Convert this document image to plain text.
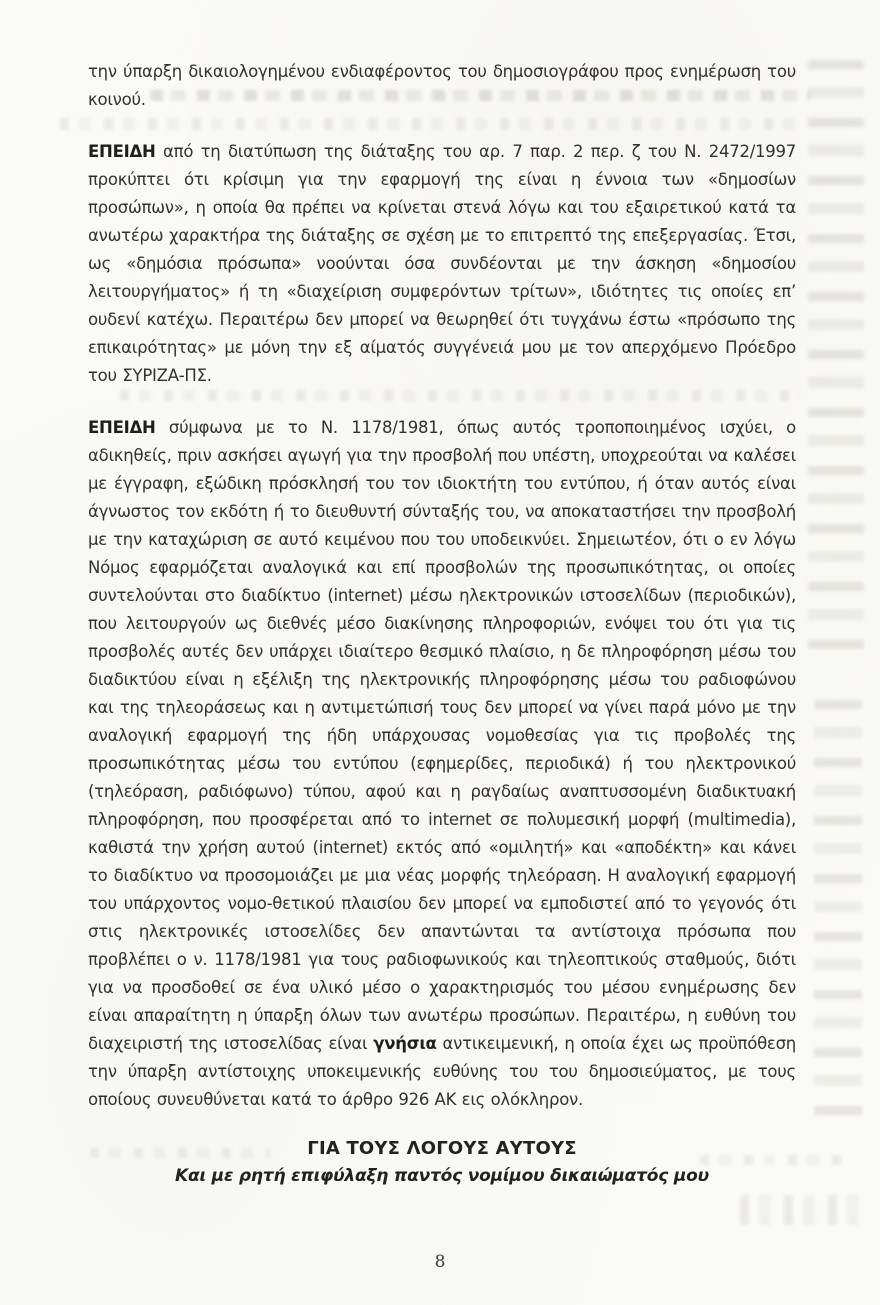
την ύπαρξη δικαιολογημένου ενδιαφέροντος του δημοσιογράφου προς ενημέρωση του κοινού.

ΕΠΕΙΔΗ από τη διατύπωση της διάταξης του αρ. 7 παρ. 2 περ. ζ του Ν. 2472/1997 προκύπτει ότι κρίσιμη για την εφαρμογή της είναι η έννοια των «δημοσίων προσώπων», η οποία θα πρέπει να κρίνεται στενά λόγω και του εξαιρετικού κατά τα ανωτέρω χαρακτήρα της διάταξης σε σχέση με το επιτρεπτό της επεξεργασίας. Έτσι, ως «δημόσια πρόσωπα» νοούνται όσα συνδέονται με την άσκηση «δημοσίου λειτουργήματος» ή τη «διαχείριση συμφερόντων τρίτων», ιδιότητες τις οποίες επ’ ουδενί κατέχω. Περαιτέρω δεν μπορεί να θεωρηθεί ότι τυγχάνω έστω «πρόσωπο της επικαιρότητας» με μόνη την εξ αίματός συγγένειά μου με τον απερχόμενο Πρόεδρο του ΣΥΡΙΖΑ-ΠΣ.

ΕΠΕΙΔΗ σύμφωνα με το Ν. 1178/1981, όπως αυτός τροποποιημένος ισχύει, ο αδικηθείς, πριν ασκήσει αγωγή για την προσβολή που υπέστη, υποχρεούται να καλέσει με έγγραφη, εξώδικη πρόσκλησή του τον ιδιοκτήτη του εντύπου, ή όταν αυτός είναι άγνωστος τον εκδότη ή το διευθυντή σύνταξής του, να αποκαταστήσει την προσβολή με την καταχώριση σε αυτό κειμένου που του υποδεικνύει. Σημειωτέον, ότι ο εν λόγω Νόμος εφαρμόζεται αναλογικά και επί προσβολών της προσωπικότητας, οι οποίες συντελούνται στο διαδίκτυο (internet) μέσω ηλεκτρονικών ιστοσελίδων (περιοδικών), που λειτουργούν ως διεθνές μέσο διακίνησης πληροφοριών, ενόψει του ότι για τις προσβολές αυτές δεν υπάρχει ιδιαίτερο θεσμικό πλαίσιο, η δε πληροφόρηση μέσω του διαδικτύου είναι η εξέλιξη της ηλεκτρονικής πληροφόρησης μέσω του ραδιοφώνου και της τηλεοράσεως και η αντιμετώπισή τους δεν μπορεί να γίνει παρά μόνο με την αναλογική εφαρμογή της ήδη υπάρχουσας νομοθεσίας για τις προβολές της προσωπικότητας μέσω του εντύπου (εφημερίδες, περιοδικά) ή του ηλεκτρονικού (τηλεόραση, ραδιόφωνο) τύπου, αφού και η ραγδαίως αναπτυσσομένη διαδικτυακή πληροφόρηση, που προσφέρεται από το internet σε πολυμεσική μορφή (multimedia), καθιστά την χρήση αυτού (internet) εκτός από «ομιλητή» και «αποδέκτη» και κάνει το διαδίκτυο να προσομοιάζει με μια νέας μορφής τηλεόραση. Η αναλογική εφαρμογή του υπάρχοντος νομο-θετικού πλαισίου δεν μπορεί να εμποδιστεί από το γεγονός ότι στις ηλεκτρονικές ιστοσελίδες δεν απαντώνται τα αντίστοιχα πρόσωπα που προβλέπει ο ν. 1178/1981 για τους ραδιοφωνικούς και τηλεοπτικούς σταθμούς, διότι για να προσδοθεί σε ένα υλικό μέσο ο χαρακτηρισμός του μέσου ενημέρωσης δεν είναι απαραίτητη η ύπαρξη όλων των ανωτέρω προσώπων. Περαιτέρω, η ευθύνη του διαχειριστή της ιστοσελίδας είναι γνήσια αντικειμενική, η οποία έχει ως προϋπόθεση την ύπαρξη αντίστοιχης υποκειμενικής ευθύνης του του δημοσιεύματος, με τους οποίους συνευθύνεται κατά το άρθρο 926 ΑΚ εις ολόκληρον.

ΓΙΑ ΤΟΥΣ ΛΟΓΟΥΣ ΑΥΤΟΥΣ
Και με ρητή επιφύλαξη παντός νομίμου δικαιώματός μου
8
